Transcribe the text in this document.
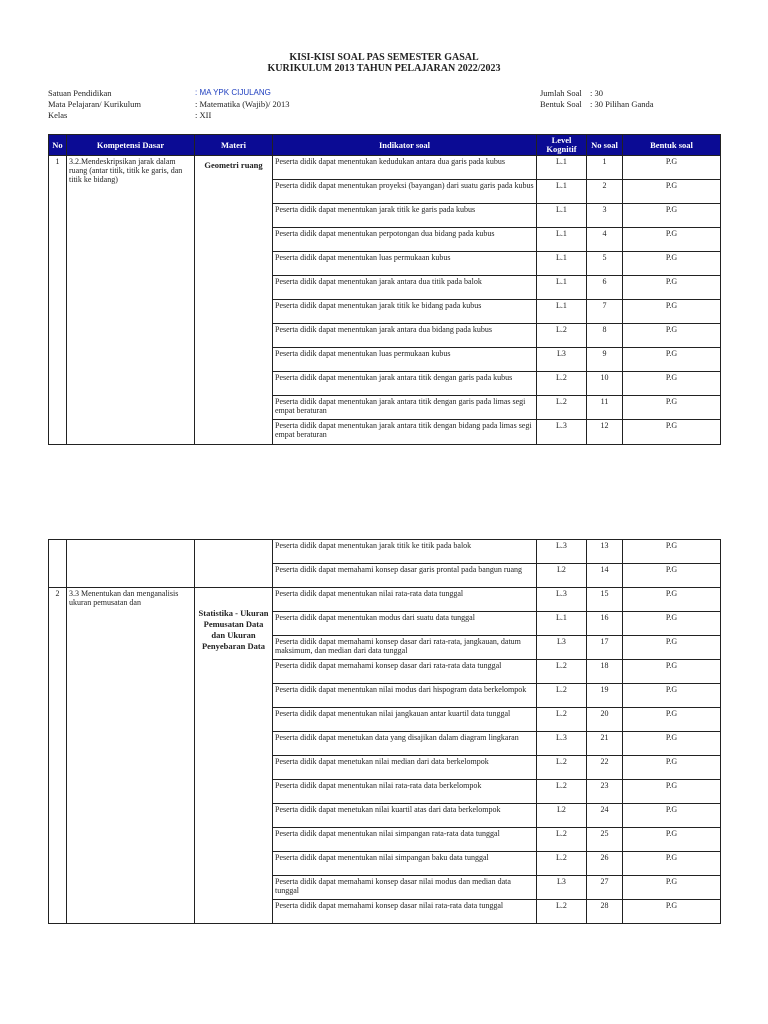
KISI-KISI SOAL PAS SEMESTER GASAL
KURIKULUM 2013 TAHUN PELAJARAN 2022/2023
Satuan Pendidikan	: MA YPK CIJULANG
Mata Pelajaran/ Kurikulum	: Matematika (Wajib)/ 2013
Kelas	: XII
Jumlah Soal : 30
Bentuk Soal : 30 Pilihan Ganda
No	Kompetensi Dasar	Materi	Indikator soal	Level Kognitif	No soal	Bentuk soal
1	3.2.Mendeskripsikan jarak dalam ruang (antar titik, titik ke garis, dan titik ke bidang)	Geometri ruang	Peserta didik dapat menentukan kedudukan antara dua garis pada kubus	L.1	1	P.G
			Peserta didik dapat menentukan proyeksi (bayangan) dari suatu garis pada kubus	L.1	2	P.G
			Peserta didik dapat menentukan jarak titik ke garis pada kubus	L.1	3	P.G
			Peserta didik dapat menentukan perpotongan dua bidang pada kubus	L.1	4	P.G
			Peserta didik dapat menentukan luas permukaan kubus	L.1	5	P.G
			Peserta didik dapat menentukan jarak antara dua titik pada balok	L.1	6	P.G
			Peserta didik dapat menentukan jarak titik ke bidang pada kubus	L.1	7	P.G
			Peserta didik dapat menentukan jarak antara dua bidang pada kubus	L.2	8	P.G
			Peserta didik dapat menentukan luas permukaan kubus	L3	9	P.G
			Peserta didik dapat menentukan jarak antara titik dengan garis pada kubus	L.2	10	P.G
			Peserta didik dapat menentukan jarak antara titik dengan garis pada limas segi empat beraturan	L.2	11	P.G
			Peserta didik dapat menentukan jarak antara titik dengan bidang pada limas segi empat beraturan	L.3	12	P.G
			Peserta didik dapat menentukan jarak titik ke titik pada balok	L.3	13	P.G
			Peserta didik dapat memahami konsep dasar garis prontal pada bangun ruang	L2	14	P.G
2	3.3 Menentukan dan menganalisis ukuran pemusatan dan	Statistika - Ukuran Pemusatan Data dan Ukuran Penyebaran Data	Peserta didik dapat menentukan nilai rata-rata data tunggal	L.3	15	P.G
			Peserta didik dapat menentukan modus dari suatu data tunggal	L.1	16	P.G
			Peserta didik dapat memahami konsep dasar dari rata-rata, jangkauan, datum maksimum, dan median dari data tunggal	L3	17	P.G
			Peserta didik dapat memahami konsep dasar dari rata-rata data tunggal	L.2	18	P.G
			Peserta didik dapat menentukan nilai modus dari hispogram data berkelompok	L.2	19	P.G
			Peserta didik dapat menentukan nilai jangkauan antar kuartil data tunggal	L.2	20	P.G
			Peserta didik dapat menetukan data yang disajikan dalam diagram lingkaran	L.3	21	P.G
			Peserta didik dapat menetukan nilai median dari data berkelompok	L.2	22	P.G
			Peserta didik dapat menentukan nilai rata-rata data berkelompok	L.2	23	P.G
			Peserta didik dapat menetukan nilai kuartil atas dari data berkelompok	L2	24	P.G
			Peserta didik dapat menentukan nilai simpangan rata-rata data tunggal	L.2	25	P.G
			Peserta didik dapat menentukan nilai simpangan baku data tunggal	L.2	26	P.G
			Peserta didik dapat memahami konsep dasar nilai modus dan median data tunggal	L3	27	P.G
			Peserta didik dapat memahami konsep dasar nilai rata-rata data tunggal	L.2	28	P.G
